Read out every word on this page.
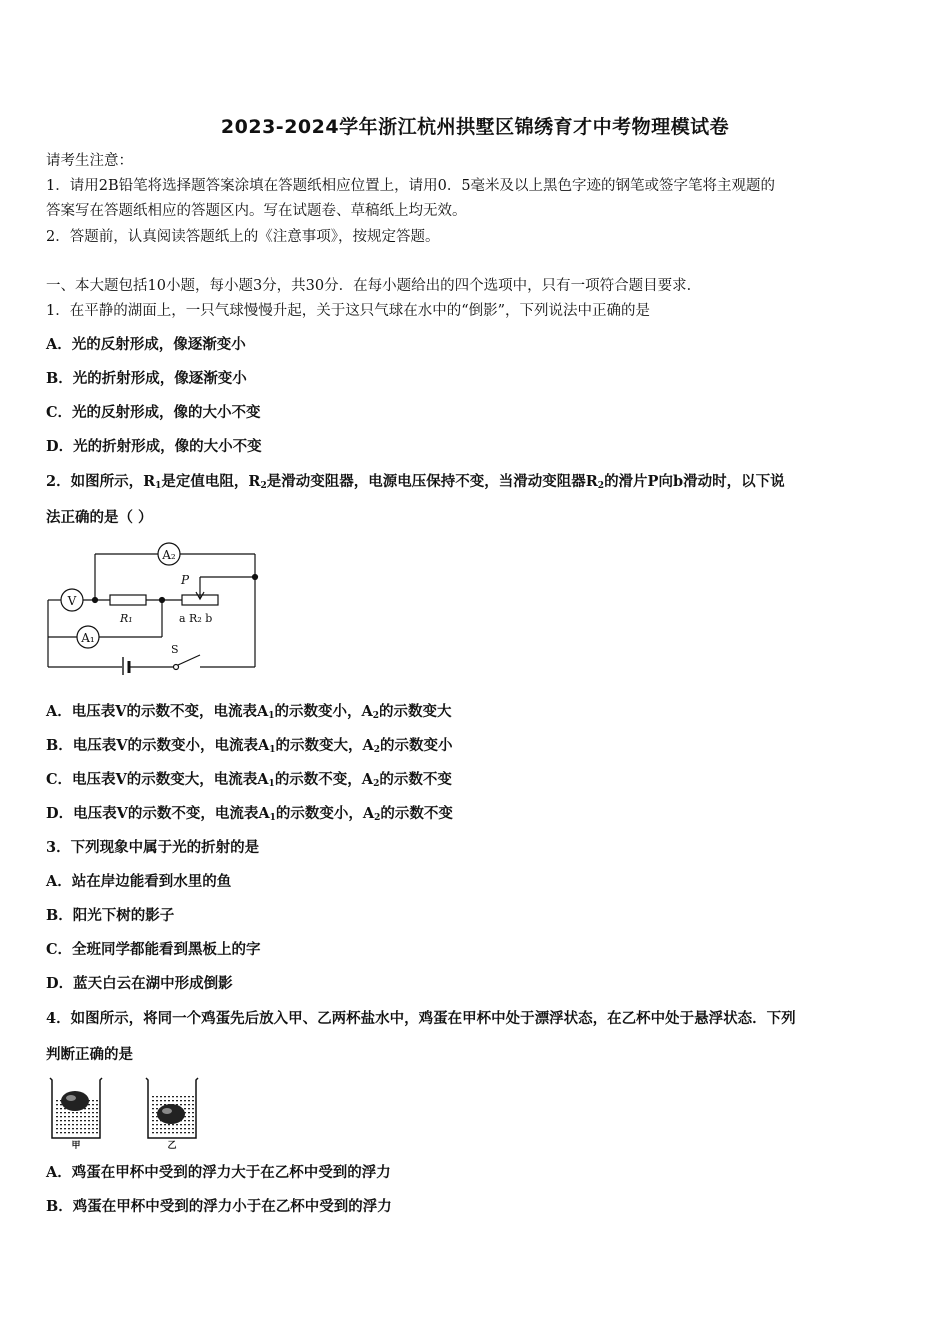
2023-2024学年浙江杭州拱墅区锦绣育才中考物理模试卷
请考生注意：
1．请用2B铅笔将选择题答案涂填在答题纸相应位置上，请用0．5毫米及以上黑色字迹的钢笔或签字笔将主观题的
答案写在答题纸相应的答题区内。写在试题卷、草稿纸上均无效。
2．答题前，认真阅读答题纸上的《注意事项》，按规定答题。
一、本大题包括10小题，每小题3分，共30分．在每小题给出的四个选项中，只有一项符合题目要求．
1．在平静的湖面上，一只气球慢慢升起，关于这只气球在水中的“倒影”，下列说法中正确的是
A．光的反射形成，像逐渐变小
B．光的折射形成，像逐渐变小
C．光的反射形成，像的大小不变
D．光的折射形成，像的大小不变
2．如图所示，$R_1$是定值电阻，$R_2$是滑动变阻器，电源电压保持不变，当滑动变阻器$R_2$的滑片P向b滑动时，以下说
法正确的是（ ）
A₂
P
V
R₁	a R₂ b
A₁
S
A．电压表V的示数不变，电流表$A_1$的示数变小，$A_2$的示数变大
B．电压表V的示数变小，电流表$A_1$的示数变大，$A_2$的示数变小
C．电压表V的示数变大，电流表$A_1$的示数不变，$A_2$的示数不变
D．电压表V的示数不变，电流表$A_1$的示数变小，$A_2$的示数不变
3．下列现象中属于光的折射的是
A．站在岸边能看到水里的鱼
B．阳光下树的影子
C．全班同学都能看到黑板上的字
D．蓝天白云在湖中形成倒影
4．如图所示，将同一个鸡蛋先后放入甲、乙两杯盐水中，鸡蛋在甲杯中处于漂浮状态，在乙杯中处于悬浮状态．下列
判断正确的是
甲	乙
A．鸡蛋在甲杯中受到的浮力大于在乙杯中受到的浮力
B．鸡蛋在甲杯中受到的浮力小于在乙杯中受到的浮力
